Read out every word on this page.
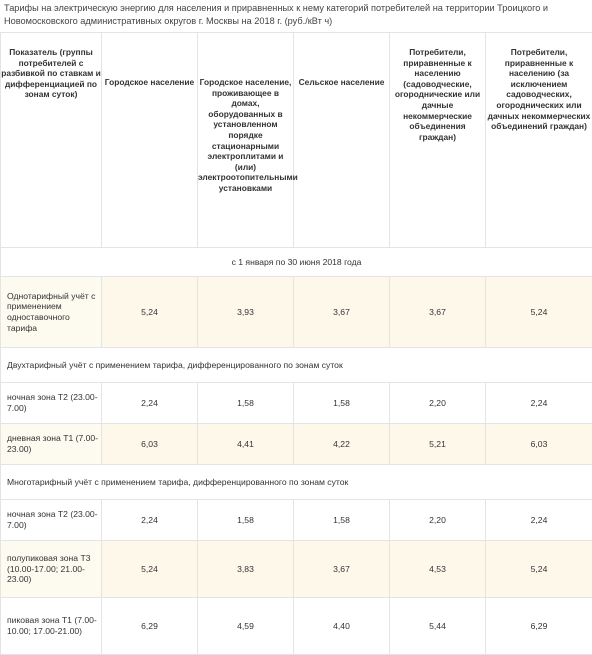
Тарифы на электрическую энергию для населения и приравненных к нему категорий потребителей на территории Троицкого и Новомосковского административных округов г. Москвы на 2018 г. (руб./кВт ч)
Показатель (группы потребителей с разбивкой по ставкам и дифференциацией по зонам суток)	Городское население	Городское население, проживающее в домах, оборудованных в установленном порядке стационарными электроплитами и (или) электроотопительными установками	Сельское население	Потребители, приравненные к населению (садоводческие, огороднические или дачные некоммерческие объединения граждан)	Потребители, приравненные к населению (за исключением садоводческих, огороднических или дачных некоммерческих объединений граждан)
с 1 января по 30 июня 2018 года					
Однотарифный учёт с применением одноставочного тарифа	5,24	3,93	3,67	3,67	5,24
Двухтарифный учёт с применением тарифа, дифференцированного по зонам суток					
ночная зона Т2 (23.00-7.00)	2,24	1,58	1,58	2,20	2,24
дневная зона Т1 (7.00-23.00)	6,03	4,41	4,22	5,21	6,03
Многотарифный учёт с применением тарифа, дифференцированного по зонам суток					
ночная зона Т2 (23.00-7.00)	2,24	1,58	1,58	2,20	2,24
полупиковая зона Т3 (10.00-17.00; 21.00-23.00)	5,24	3,83	3,67	4,53	5,24
пиковая зона Т1 (7.00-10.00; 17.00-21.00)	6,29	4,59	4,40	5,44	6,29
